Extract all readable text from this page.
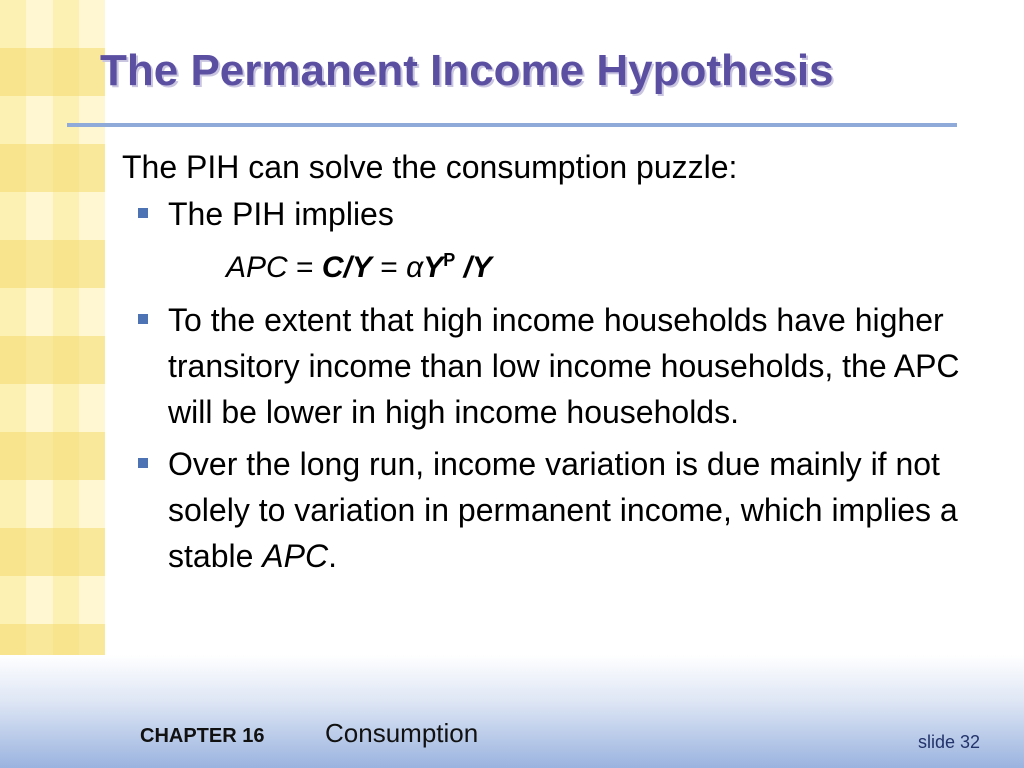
The Permanent Income Hypothesis

The PIH can solve the consumption puzzle:

The PIH implies
APC = $C/Y = \alpha Y^P$ /Y
To the extent that high income households have higher transitory income than low income households, the APC will be lower in high income households.
Over the long run, income variation is due mainly if not solely to variation in permanent income, which implies a stable APC.
CHAPTER 16 Consumption	slide 32
